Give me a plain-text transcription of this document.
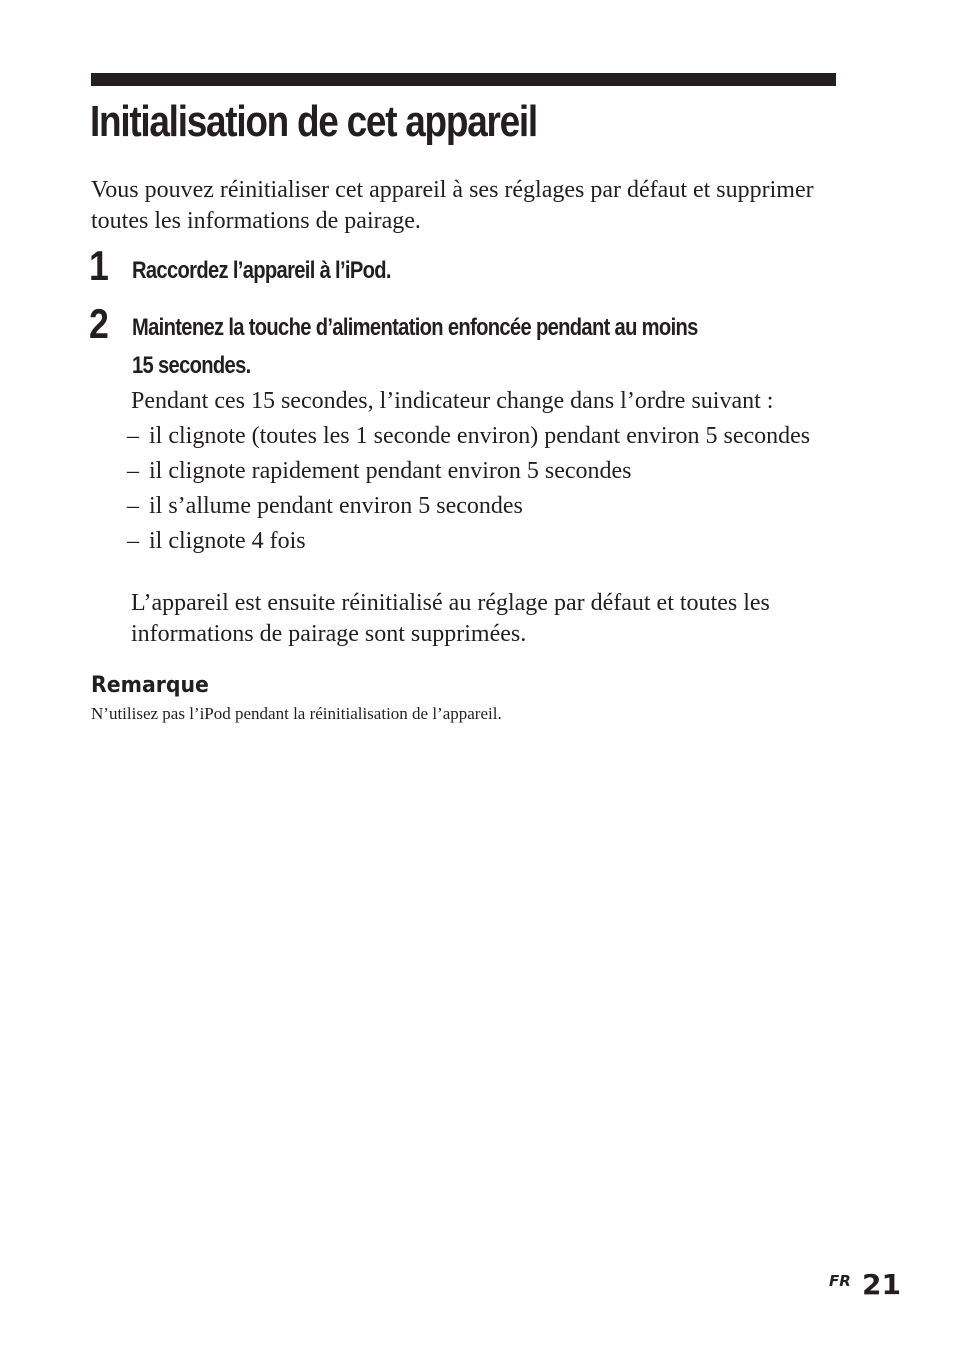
Initialisation de cet appareil

Vous pouvez réinitialiser cet appareil à ses réglages par défaut et supprimer toutes les informations de pairage.

1 Raccordez l’appareil à l’iPod.

2 Maintenez la touche d’alimentation enfoncée pendant au moins
15 secondes.

Pendant ces 15 secondes, l’indicateur change dans l’ordre suivant :

– il clignote (toutes les 1 seconde environ) pendant environ 5 secondes
– il clignote rapidement pendant environ 5 secondes
– il s’allume pendant environ 5 secondes
– il clignote 4 fois

L’appareil est ensuite réinitialisé au réglage par défaut et toutes les informations de pairage sont supprimées.

Remarque

N’utilisez pas l’iPod pendant la réinitialisation de l’appareil.

FR 21
